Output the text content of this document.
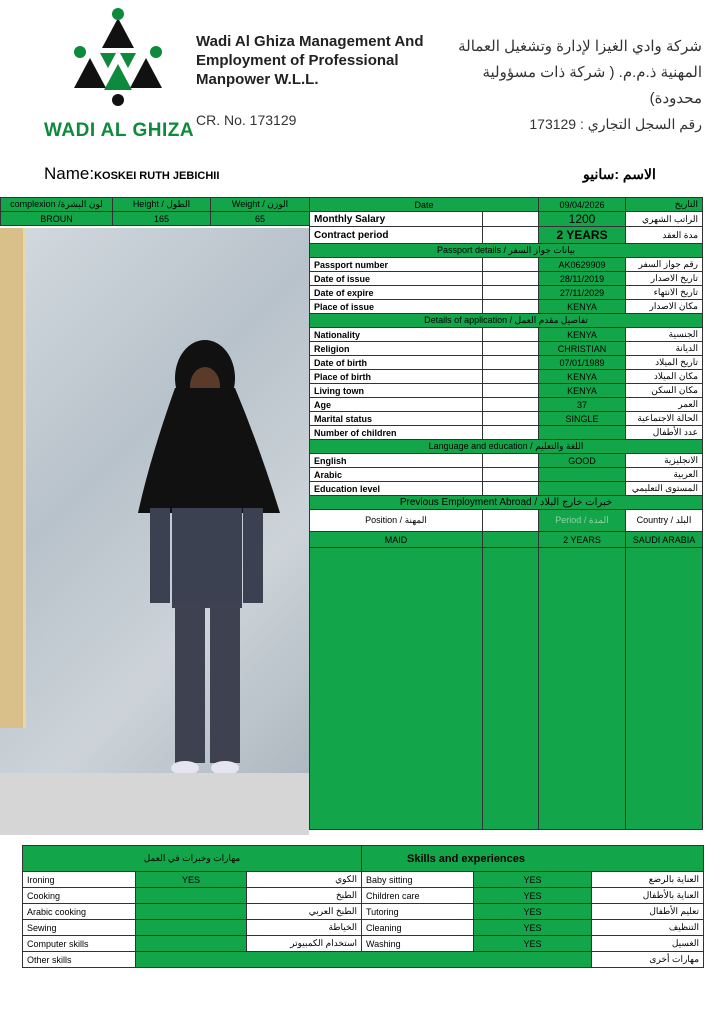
WADI AL GHIZA
Wadi Al Ghiza Management And Employment of Professional Manpower W.L.L.
CR. No. 173129
شركة وادي الغيزا لإدارة وتشغيل العمالة المهنية ذ.م.م. ( شركة ذات مسؤولية محدودة)
رقم السجل التجاري : 173129
Name:KOSKEI RUTH JEBICHII	الاسم :سانيو
complexion /لون البشرة	Height / الطول	Weight / الوزن
BROUN	165	65
Date		09/04/2026	التاريخ
Monthly Salary		1200	الراتب الشهري
Contract period		2 YEARS	مدة العقد
Passport details / بيانات جواز السفر			
Passport number		AK0629909	رقم جواز السفر
Date of issue		28/11/2019	تاريخ الاصدار
Date of expire		27/11/2029	تاريخ الانتهاء
Place of issue		KENYA	مكان الاصدار
Details of application / تفاصيل مقدم العمل			
Nationality		KENYA	الجنسية
Religion		CHRISTIAN	الديانة
Date of birth		07/01/1989	تاريخ الميلاد
Place of birth		KENYA	مكان الميلاد
Living town		KENYA	مكان السكن
Age		37	العمر
Marital status		SINGLE	الحالة الاجتماعية
Number of children			عدد الأطفال
Language and education / اللغة والتعليم			
English		GOOD	الانجليزية
Arabic			العربية
Education level			المستوى التعليمي
Previous Employment Abroad / خبرات خارج البلاد			
Position / المهنة		Period / المدة	Country / البلد
MAID		2 YEARS	SAUDI ARABIA

مهارات وخبرات في العمل			Skills and experiences		
Ironing	YES	الكوي	Baby sitting	YES	العناية بالرضع
Cooking		الطبخ	Children care	YES	العناية بالأطفال
Arabic cooking		الطبخ العربي	Tutoring	YES	تعليم الأطفال
Sewing		الخياطة	Cleaning	YES	التنظيف
Computer skills		استخدام الكمبيوتر	Washing	YES	الغسيل
Other skills					مهارات أخرى
